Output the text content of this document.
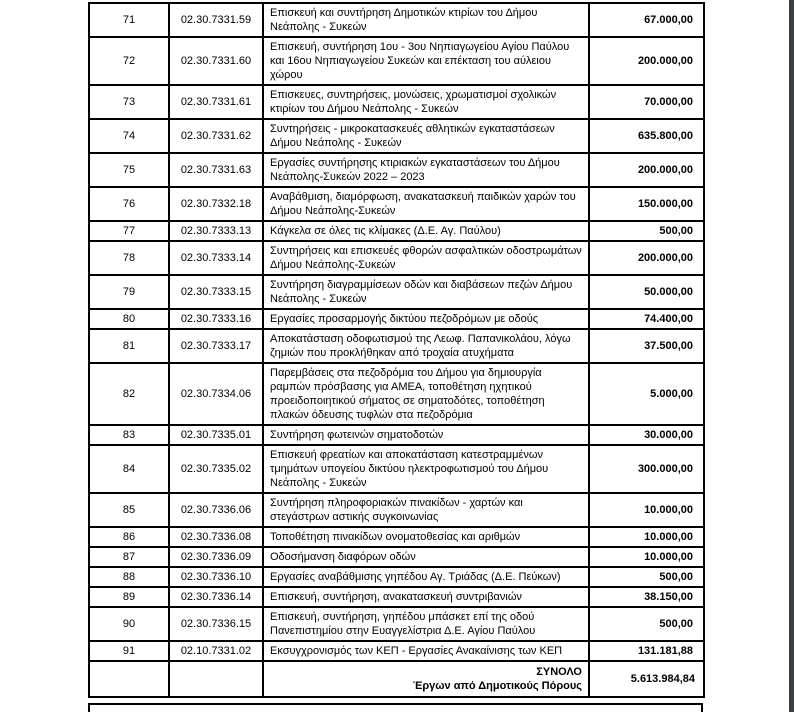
71	02.30.7331.59	Επισκευή και συντήρηση Δημοτικών κτιρίων του Δήμου Νεάπολης - Συκεών	67.000,00
72	02.30.7331.60	Επισκευή, συντήρηση 1ου - 3ου Νηπιαγωγείου Αγίου Παύλου και 16ου Νηπιαγωγείου Συκεών και επέκταση του αύλειου χώρου	200.000,00
73	02.30.7331.61	Επισκευες, συντηρήσεις, μονώσεις, χρωματισμοί σχολικών κτιρίων του Δήμου Νεάπολης - Συκεών	70.000,00
74	02.30.7331.62	Συντηρήσεις - μικροκατασκευές αθλητικών εγκαταστάσεων Δήμου Νεάπολης - Συκεών	635.800,00
75	02.30.7331.63	Εργασίες συντήρησης κτιριακών εγκαταστάσεων του Δήμου Νεάπολης-Συκεών 2022 – 2023	200.000,00
76	02.30.7332.18	Αναβάθμιση, διαμόρφωση, ανακατασκευή παιδικών χαρών του Δήμου Νεάπολης-Συκεών	150.000,00
77	02.30.7333.13	Κάγκελα σε όλες τις κλίμακες (Δ.Ε. Αγ. Παύλου)	500,00
78	02.30.7333.14	Συντηρήσεις και επισκευές φθορών ασφαλτικών οδοστρωμάτων Δήμου Νεάπολης-Συκεών	200.000,00
79	02.30.7333.15	Συντήρηση διαγραμμίσεων οδών και διαβάσεων πεζών Δήμου Νεάπολης - Συκεών	50.000,00
80	02.30.7333.16	Εργασίες προσαρμογής δικτύου πεζοδρόμων με οδούς	74.400,00
81	02.30.7333.17	Αποκατάσταση οδοφωτισμού της Λεωφ. Παπανικολάου, λόγω ζημιών που προκλήθηκαν από τροχαία ατυχήματα	37.500,00
82	02.30.7334.06	Παρεμβάσεις στα πεζοδρόμια του Δήμου για δημιουργία ραμπών πρόσβασης για ΑΜΕΑ, τοποθέτηση ηχητικού προειδοποιητικού σήματος σε σηματοδότες, τοποθέτηση πλακών όδευσης τυφλών στα πεζοδρόμια	5.000,00
83	02.30.7335.01	Συντήρηση φωτεινών σηματοδοτών	30.000,00
84	02.30.7335.02	Επισκευή φρεατίων και αποκατάσταση κατεστραμμένων τμημάτων υπογείου δικτύου ηλεκτροφωτισμού του Δήμου Νεάπολης - Συκεών	300.000,00
85	02.30.7336.06	Συντήρηση πληροφοριακών πινακίδων - χαρτών και στεγάστρων αστικής συγκοινωνίας	10.000,00
86	02.30.7336.08	Τοποθέτηση πινακίδων ονοματοθεσίας και αριθμών	10.000,00
87	02.30.7336.09	Οδοσήμανση διαφόρων οδών	10.000,00
88	02.30.7336.10	Εργασίες αναβάθμισης γηπέδου Αγ. Τριάδας (Δ.Ε. Πεύκων)	500,00
89	02.30.7336.14	Επισκευή, συντήρηση, ανακατασκευή συντριβανιών	38.150,00
90	02.30.7336.15	Επισκευή, συντήρηση, γηπέδου μπάσκετ επί της οδού Πανεπιστημίου στην Ευαγγελίστρια Δ.Ε. Αγίου Παύλου	500,00
91	02.10.7331.02	Εκσυγχρονισμός των ΚΕΠ - Εργασίες Ανακαίνισης των ΚΕΠ	131.181,88

		ΣΥΝΟΛΟ
Έργων από Δημοτικούς Πόρους	5.613.984,84
